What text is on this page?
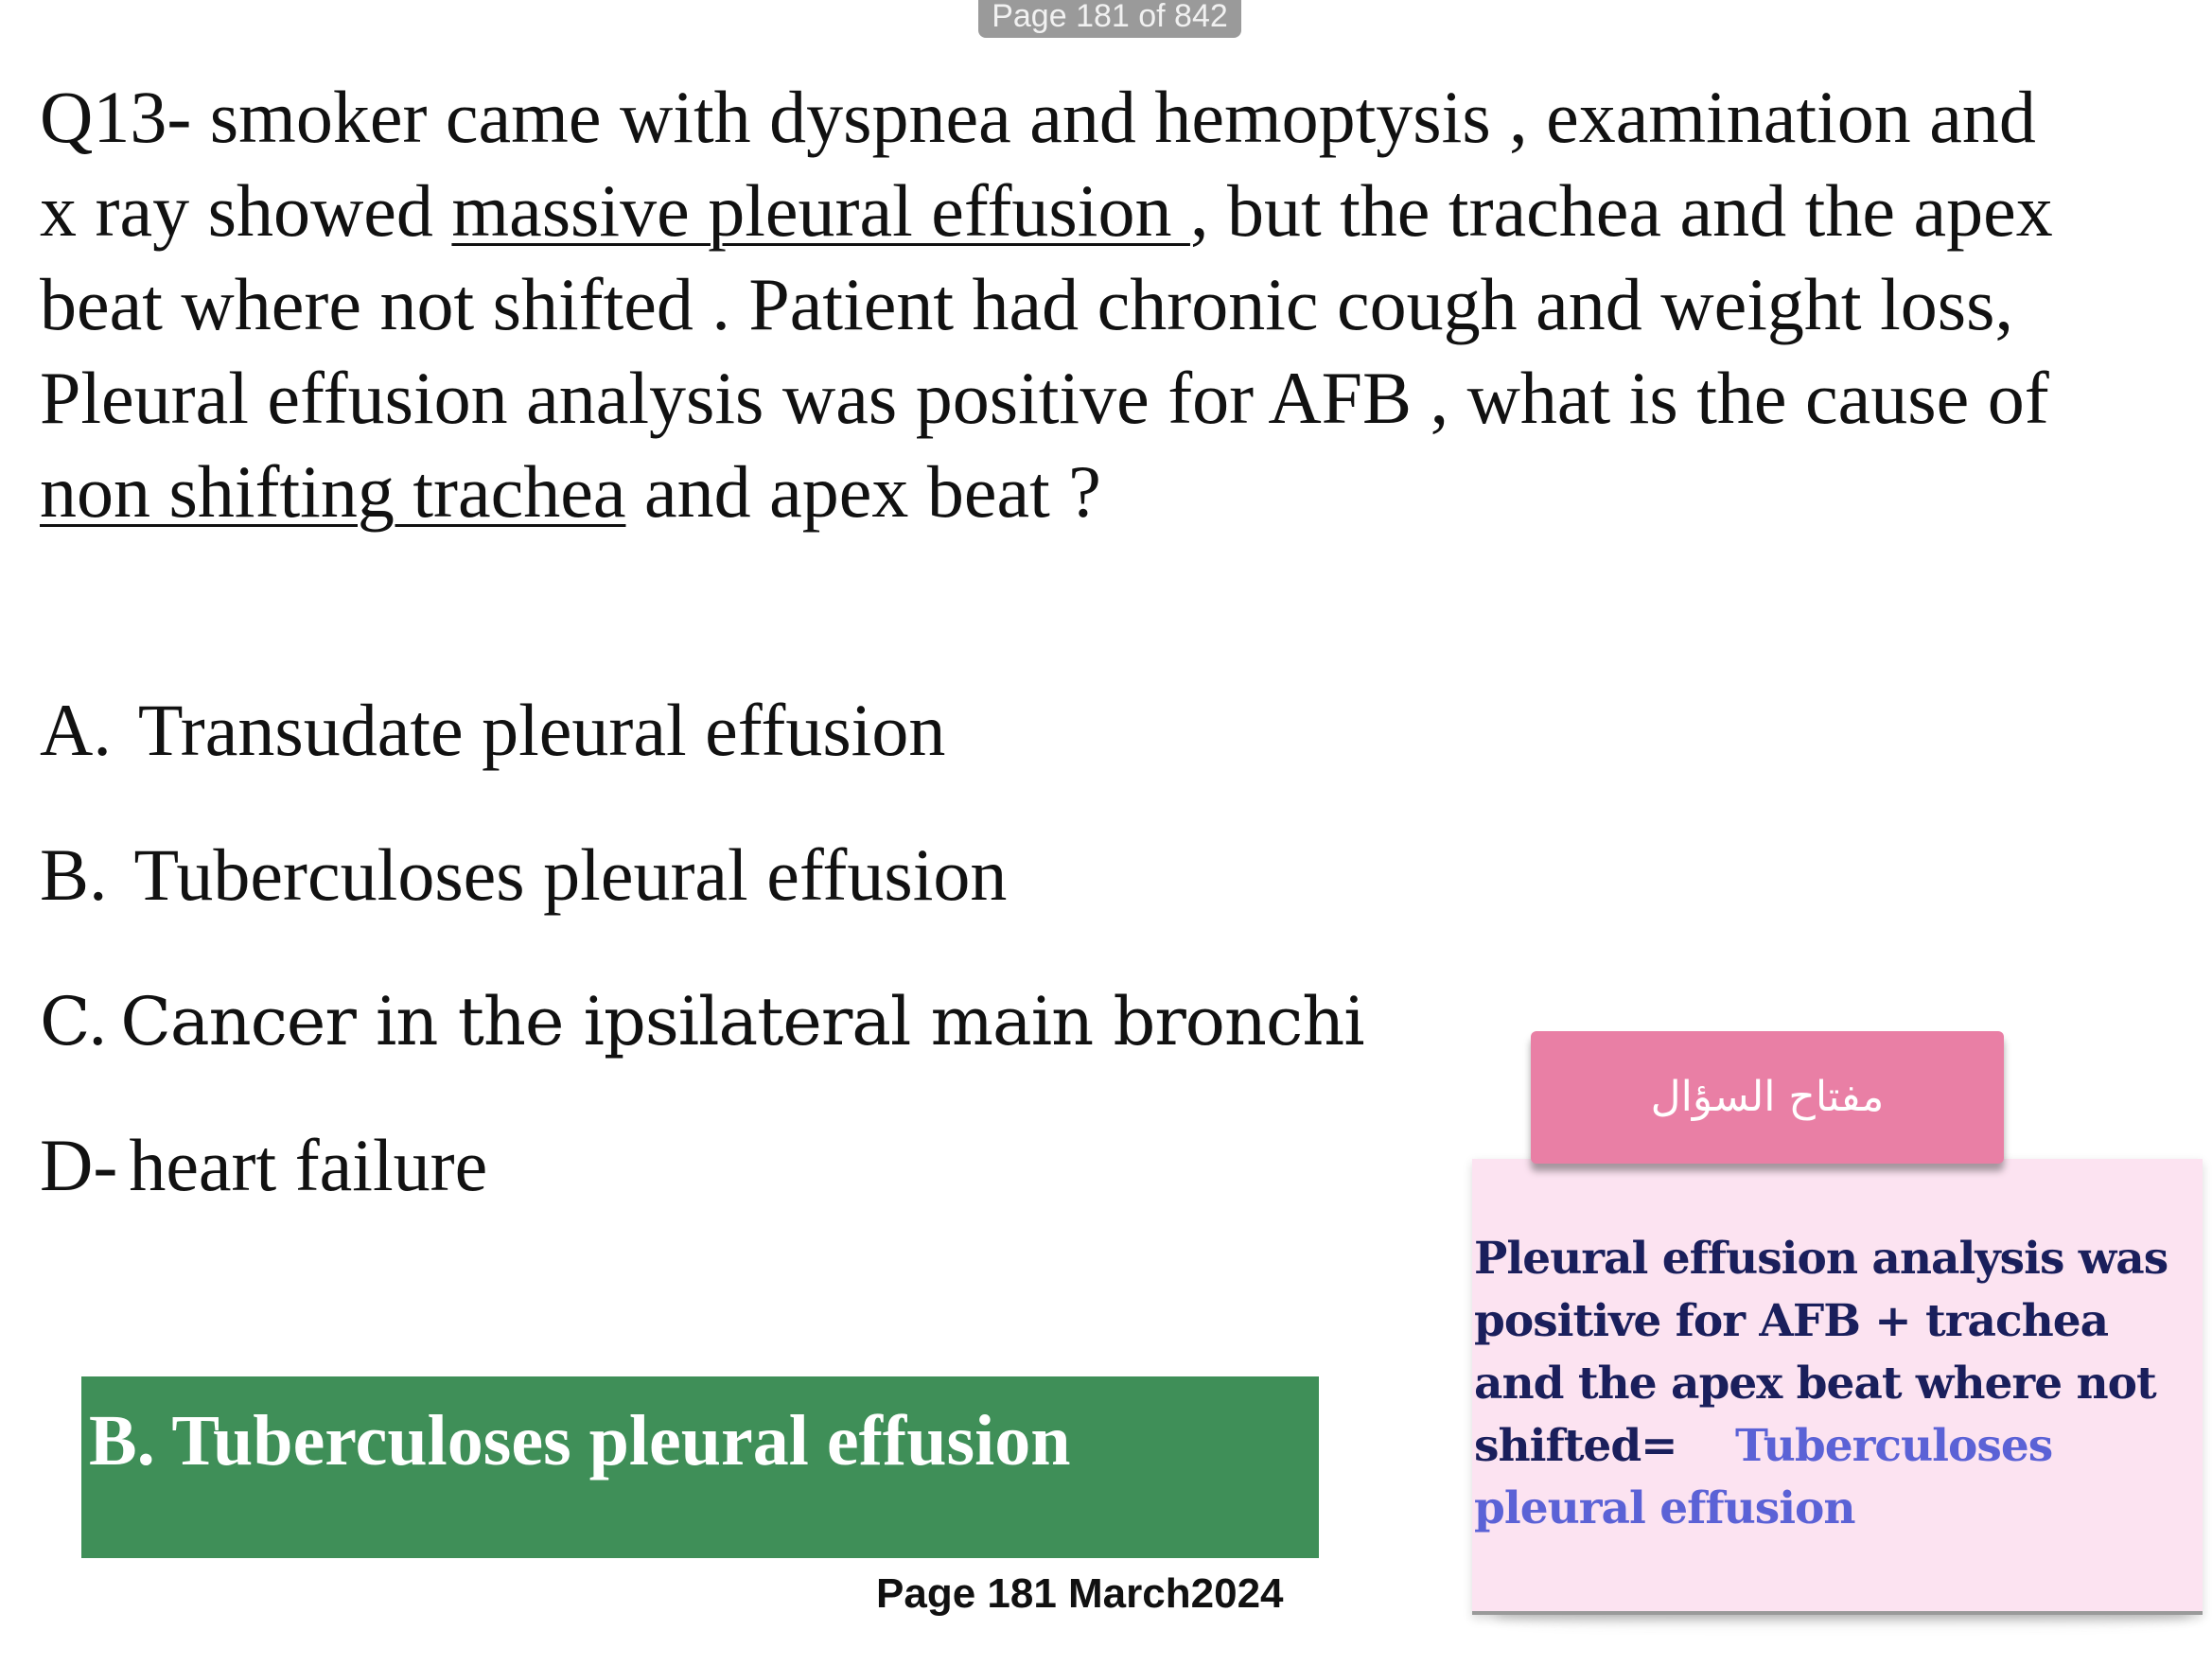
Page 181 of 842

Q13- smoker came with dyspnea and hemoptysis , examination and x ray showed massive pleural effusion , but the trachea and the apex beat where not shifted . Patient had chronic cough and weight loss, Pleural effusion analysis was positive for AFB , what is the cause of non shifting trachea and apex beat ?

A. Transudate pleural effusion
B. Tuberculoses pleural effusion
C. Cancer in the ipsilateral main bronchi
D- heart failure
B. Tuberculoses pleural effusion
Page 181 March2024
مفتاح السؤال
Pleural effusion analysis was positive for AFB + trachea and the apex beat where not shifted= Tuberculoses pleural effusion
